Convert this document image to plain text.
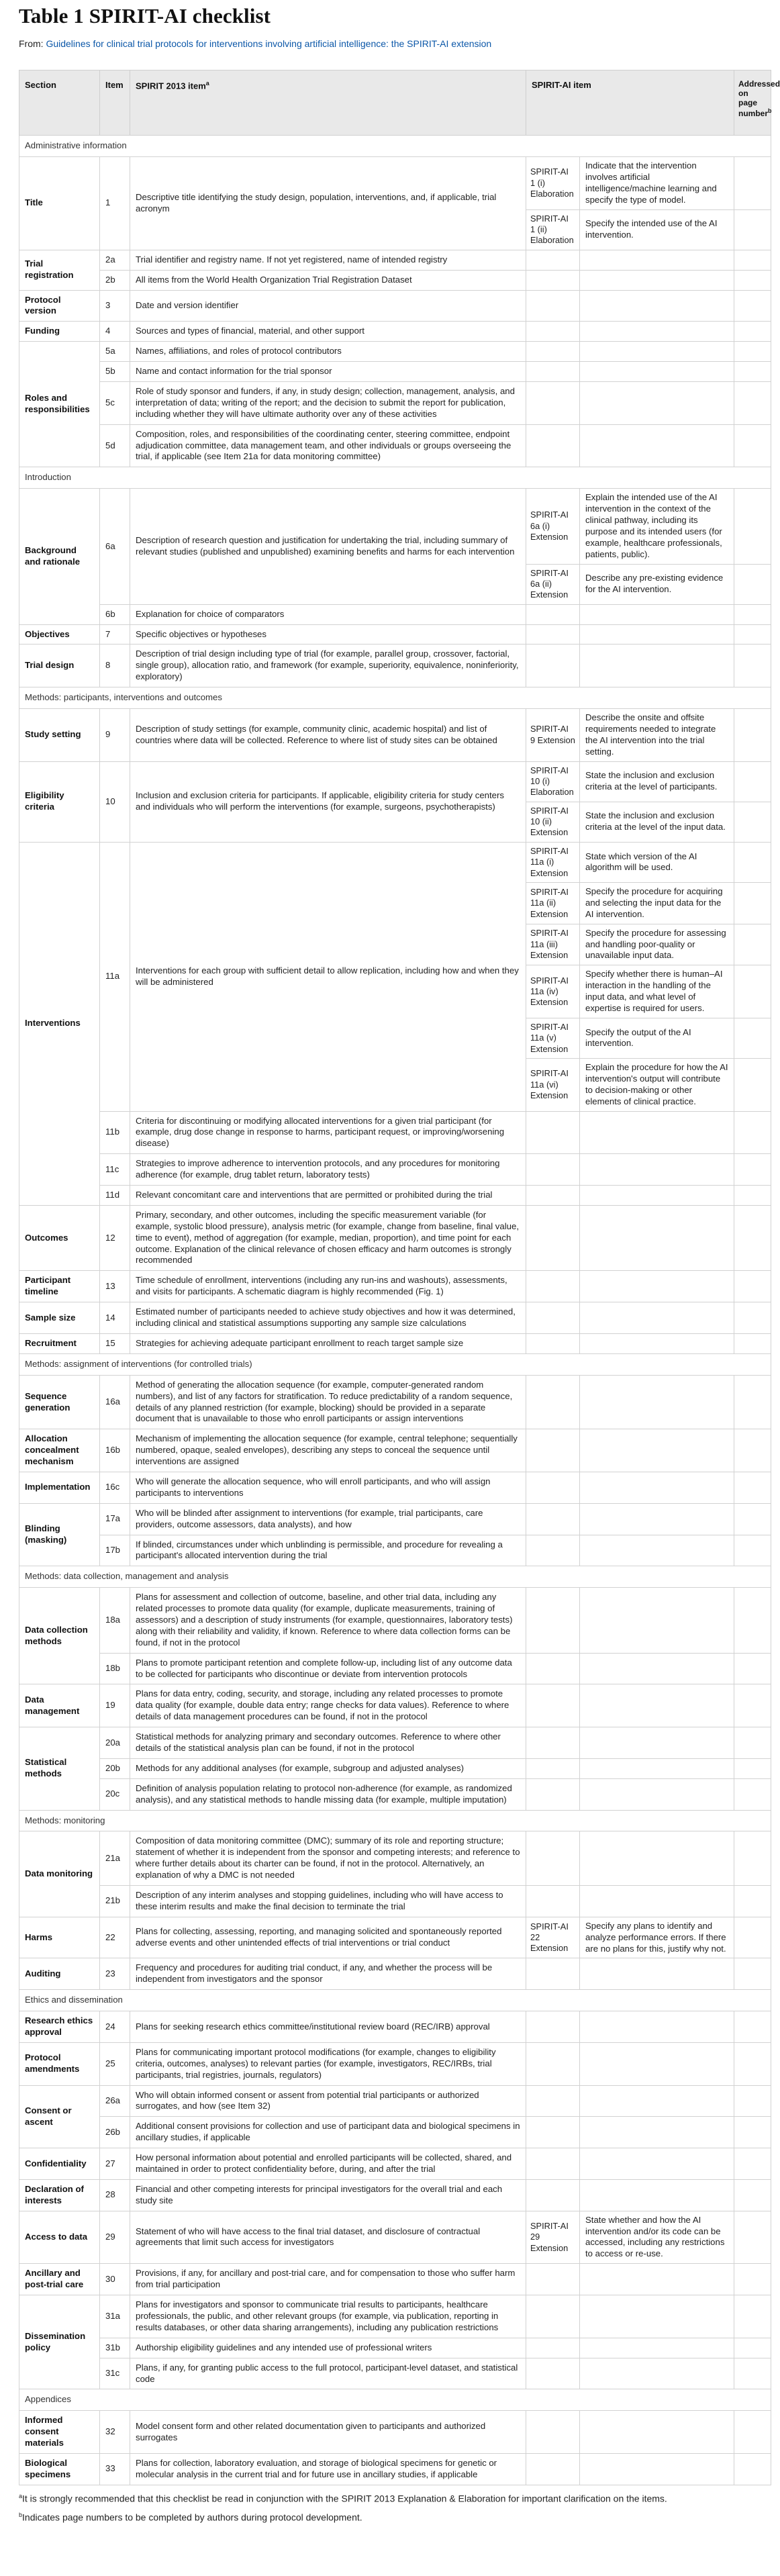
Table 1 SPIRIT-AI checklist
From: Guidelines for clinical trial protocols for interventions involving artificial intelligence: the SPIRIT-AI extension
Section	Item	SPIRIT 2013 item$^a$	SPIRIT-AI item		Addressed on page number$^b$
Administrative information					
Title	1	Descriptive title identifying the study design, population, interventions, and, if applicable, trial acronym	SPIRIT-AI 1 (i) Elaboration	Indicate that the intervention involves artificial intelligence/machine learning and specify the type of model.	
			SPIRIT-AI 1 (ii) Elaboration	Specify the intended use of the AI intervention.	
Trial registration	2a	Trial identifier and registry name. If not yet registered, name of intended registry			
	2b	All items from the World Health Organization Trial Registration Dataset			
Protocol version	3	Date and version identifier			
Funding	4	Sources and types of financial, material, and other support			
Roles and responsibilities	5a	Names, affiliations, and roles of protocol contributors			
	5b	Name and contact information for the trial sponsor			
	5c	Role of study sponsor and funders, if any, in study design; collection, management, analysis, and interpretation of data; writing of the report; and the decision to submit the report for publication, including whether they will have ultimate authority over any of these activities			
	5d	Composition, roles, and responsibilities of the coordinating center, steering committee, endpoint adjudication committee, data management team, and other individuals or groups overseeing the trial, if applicable (see Item 21a for data monitoring committee)			
Introduction					
Background and rationale	6a	Description of research question and justification for undertaking the trial, including summary of relevant studies (published and unpublished) examining benefits and harms for each intervention	SPIRIT-AI 6a (i) Extension	Explain the intended use of the AI intervention in the context of the clinical pathway, including its purpose and its intended users (for example, healthcare professionals, patients, public).	
			SPIRIT-AI 6a (ii) Extension	Describe any pre-existing evidence for the AI intervention.	
	6b	Explanation for choice of comparators			
Objectives	7	Specific objectives or hypotheses			
Trial design	8	Description of trial design including type of trial (for example, parallel group, crossover, factorial, single group), allocation ratio, and framework (for example, superiority, equivalence, noninferiority, exploratory)			
Methods: participants, interventions and outcomes					
Study setting	9	Description of study settings (for example, community clinic, academic hospital) and list of countries where data will be collected. Reference to where list of study sites can be obtained	SPIRIT-AI 9 Extension	Describe the onsite and offsite requirements needed to integrate the AI intervention into the trial setting.	
Eligibility criteria	10	Inclusion and exclusion criteria for participants. If applicable, eligibility criteria for study centers and individuals who will perform the interventions (for example, surgeons, psychotherapists)	SPIRIT-AI 10 (i) Elaboration	State the inclusion and exclusion criteria at the level of participants.	
			SPIRIT-AI 10 (ii) Extension	State the inclusion and exclusion criteria at the level of the input data.	
Interventions	11a	Interventions for each group with sufficient detail to allow replication, including how and when they will be administered	SPIRIT-AI 11a (i) Extension	State which version of the AI algorithm will be used.	
			SPIRIT-AI 11a (ii) Extension	Specify the procedure for acquiring and selecting the input data for the AI intervention.	
			SPIRIT-AI 11a (iii) Extension	Specify the procedure for assessing and handling poor-quality or unavailable input data.	
			SPIRIT-AI 11a (iv) Extension	Specify whether there is human–AI interaction in the handling of the input data, and what level of expertise is required for users.	
			SPIRIT-AI 11a (v) Extension	Specify the output of the AI intervention.	
			SPIRIT-AI 11a (vi) Extension	Explain the procedure for how the AI intervention's output will contribute to decision-making or other elements of clinical practice.	
	11b	Criteria for discontinuing or modifying allocated interventions for a given trial participant (for example, drug dose change in response to harms, participant request, or improving/worsening disease)			
	11c	Strategies to improve adherence to intervention protocols, and any procedures for monitoring adherence (for example, drug tablet return, laboratory tests)			
	11d	Relevant concomitant care and interventions that are permitted or prohibited during the trial			
Outcomes	12	Primary, secondary, and other outcomes, including the specific measurement variable (for example, systolic blood pressure), analysis metric (for example, change from baseline, final value, time to event), method of aggregation (for example, median, proportion), and time point for each outcome. Explanation of the clinical relevance of chosen efficacy and harm outcomes is strongly recommended			
Participant timeline	13	Time schedule of enrollment, interventions (including any run-ins and washouts), assessments, and visits for participants. A schematic diagram is highly recommended (Fig. 1)			
Sample size	14	Estimated number of participants needed to achieve study objectives and how it was determined, including clinical and statistical assumptions supporting any sample size calculations			
Recruitment	15	Strategies for achieving adequate participant enrollment to reach target sample size			
Methods: assignment of interventions (for controlled trials)					
Sequence generation	16a	Method of generating the allocation sequence (for example, computer-generated random numbers), and list of any factors for stratification. To reduce predictability of a random sequence, details of any planned restriction (for example, blocking) should be provided in a separate document that is unavailable to those who enroll participants or assign interventions			
Allocation concealment mechanism	16b	Mechanism of implementing the allocation sequence (for example, central telephone; sequentially numbered, opaque, sealed envelopes), describing any steps to conceal the sequence until interventions are assigned			
Implementation	16c	Who will generate the allocation sequence, who will enroll participants, and who will assign participants to interventions			
Blinding (masking)	17a	Who will be blinded after assignment to interventions (for example, trial participants, care providers, outcome assessors, data analysts), and how			
	17b	If blinded, circumstances under which unblinding is permissible, and procedure for revealing a participant's allocated intervention during the trial			
Methods: data collection, management and analysis					
Data collection methods	18a	Plans for assessment and collection of outcome, baseline, and other trial data, including any related processes to promote data quality (for example, duplicate measurements, training of assessors) and a description of study instruments (for example, questionnaires, laboratory tests) along with their reliability and validity, if known. Reference to where data collection forms can be found, if not in the protocol			
	18b	Plans to promote participant retention and complete follow-up, including list of any outcome data to be collected for participants who discontinue or deviate from intervention protocols			
Data management	19	Plans for data entry, coding, security, and storage, including any related processes to promote data quality (for example, double data entry; range checks for data values). Reference to where details of data management procedures can be found, if not in the protocol			
Statistical methods	20a	Statistical methods for analyzing primary and secondary outcomes. Reference to where other details of the statistical analysis plan can be found, if not in the protocol			
	20b	Methods for any additional analyses (for example, subgroup and adjusted analyses)			
	20c	Definition of analysis population relating to protocol non-adherence (for example, as randomized analysis), and any statistical methods to handle missing data (for example, multiple imputation)			
Methods: monitoring					
Data monitoring	21a	Composition of data monitoring committee (DMC); summary of its role and reporting structure; statement of whether it is independent from the sponsor and competing interests; and reference to where further details about its charter can be found, if not in the protocol. Alternatively, an explanation of why a DMC is not needed			
	21b	Description of any interim analyses and stopping guidelines, including who will have access to these interim results and make the final decision to terminate the trial			
Harms	22	Plans for collecting, assessing, reporting, and managing solicited and spontaneously reported adverse events and other unintended effects of trial interventions or trial conduct	SPIRIT-AI 22 Extension	Specify any plans to identify and analyze performance errors. If there are no plans for this, justify why not.	
Auditing	23	Frequency and procedures for auditing trial conduct, if any, and whether the process will be independent from investigators and the sponsor			
Ethics and dissemination					
Research ethics approval	24	Plans for seeking research ethics committee/institutional review board (REC/IRB) approval			
Protocol amendments	25	Plans for communicating important protocol modifications (for example, changes to eligibility criteria, outcomes, analyses) to relevant parties (for example, investigators, REC/IRBs, trial participants, trial registries, journals, regulators)			
Consent or ascent	26a	Who will obtain informed consent or assent from potential trial participants or authorized surrogates, and how (see Item 32)			
	26b	Additional consent provisions for collection and use of participant data and biological specimens in ancillary studies, if applicable			
Confidentiality	27	How personal information about potential and enrolled participants will be collected, shared, and maintained in order to protect confidentiality before, during, and after the trial			
Declaration of interests	28	Financial and other competing interests for principal investigators for the overall trial and each study site			
Access to data	29	Statement of who will have access to the final trial dataset, and disclosure of contractual agreements that limit such access for investigators	SPIRIT-AI 29 Extension	State whether and how the AI intervention and/or its code can be accessed, including any restrictions to access or re-use.	
Ancillary and post-trial care	30	Provisions, if any, for ancillary and post-trial care, and for compensation to those who suffer harm from trial participation			
Dissemination policy	31a	Plans for investigators and sponsor to communicate trial results to participants, healthcare professionals, the public, and other relevant groups (for example, via publication, reporting in results databases, or other data sharing arrangements), including any publication restrictions			
	31b	Authorship eligibility guidelines and any intended use of professional writers			
	31c	Plans, if any, for granting public access to the full protocol, participant-level dataset, and statistical code			
Appendices					
Informed consent materials	32	Model consent form and other related documentation given to participants and authorized surrogates			
Biological specimens	33	Plans for collection, laboratory evaluation, and storage of biological specimens for genetic or molecular analysis in the current trial and for future use in ancillary studies, if applicable			

$^a$It is strongly recommended that this checklist be read in conjunction with the SPIRIT 2013 Explanation & Elaboration for important clarification on the items.

$^b$Indicates page numbers to be completed by authors during protocol development.
